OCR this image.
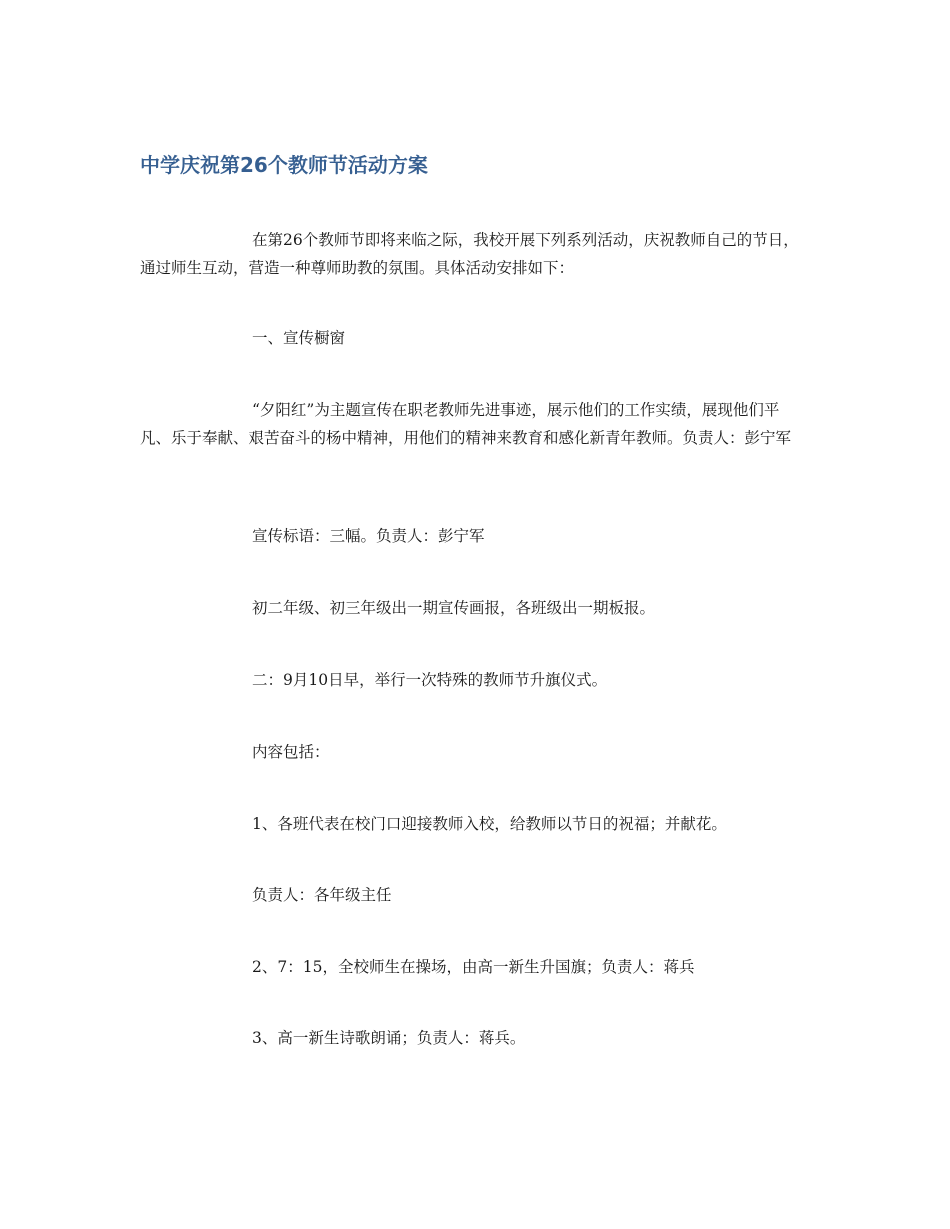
中学庆祝第26个教师节活动方案

在第26个教师节即将来临之际，我校开展下列系列活动，庆祝教师自己的节日，通过师生互动，营造一种尊师助教的氛围。具体活动安排如下：

一、宣传橱窗

“夕阳红”为主题宣传在职老教师先进事迹，展示他们的工作实绩，展现他们平凡、乐于奉献、艰苦奋斗的杨中精神，用他们的精神来教育和感化新青年教师。负责人：彭宁军

宣传标语：三幅。负责人：彭宁军

初二年级、初三年级出一期宣传画报，各班级出一期板报。

二：9月10日早，举行一次特殊的教师节升旗仪式。

内容包括：

1、各班代表在校门口迎接教师入校，给教师以节日的祝福；并献花。

负责人：各年级主任

2、7：15，全校师生在操场，由高一新生升国旗；负责人：蒋兵

3、高一新生诗歌朗诵；负责人：蒋兵。
